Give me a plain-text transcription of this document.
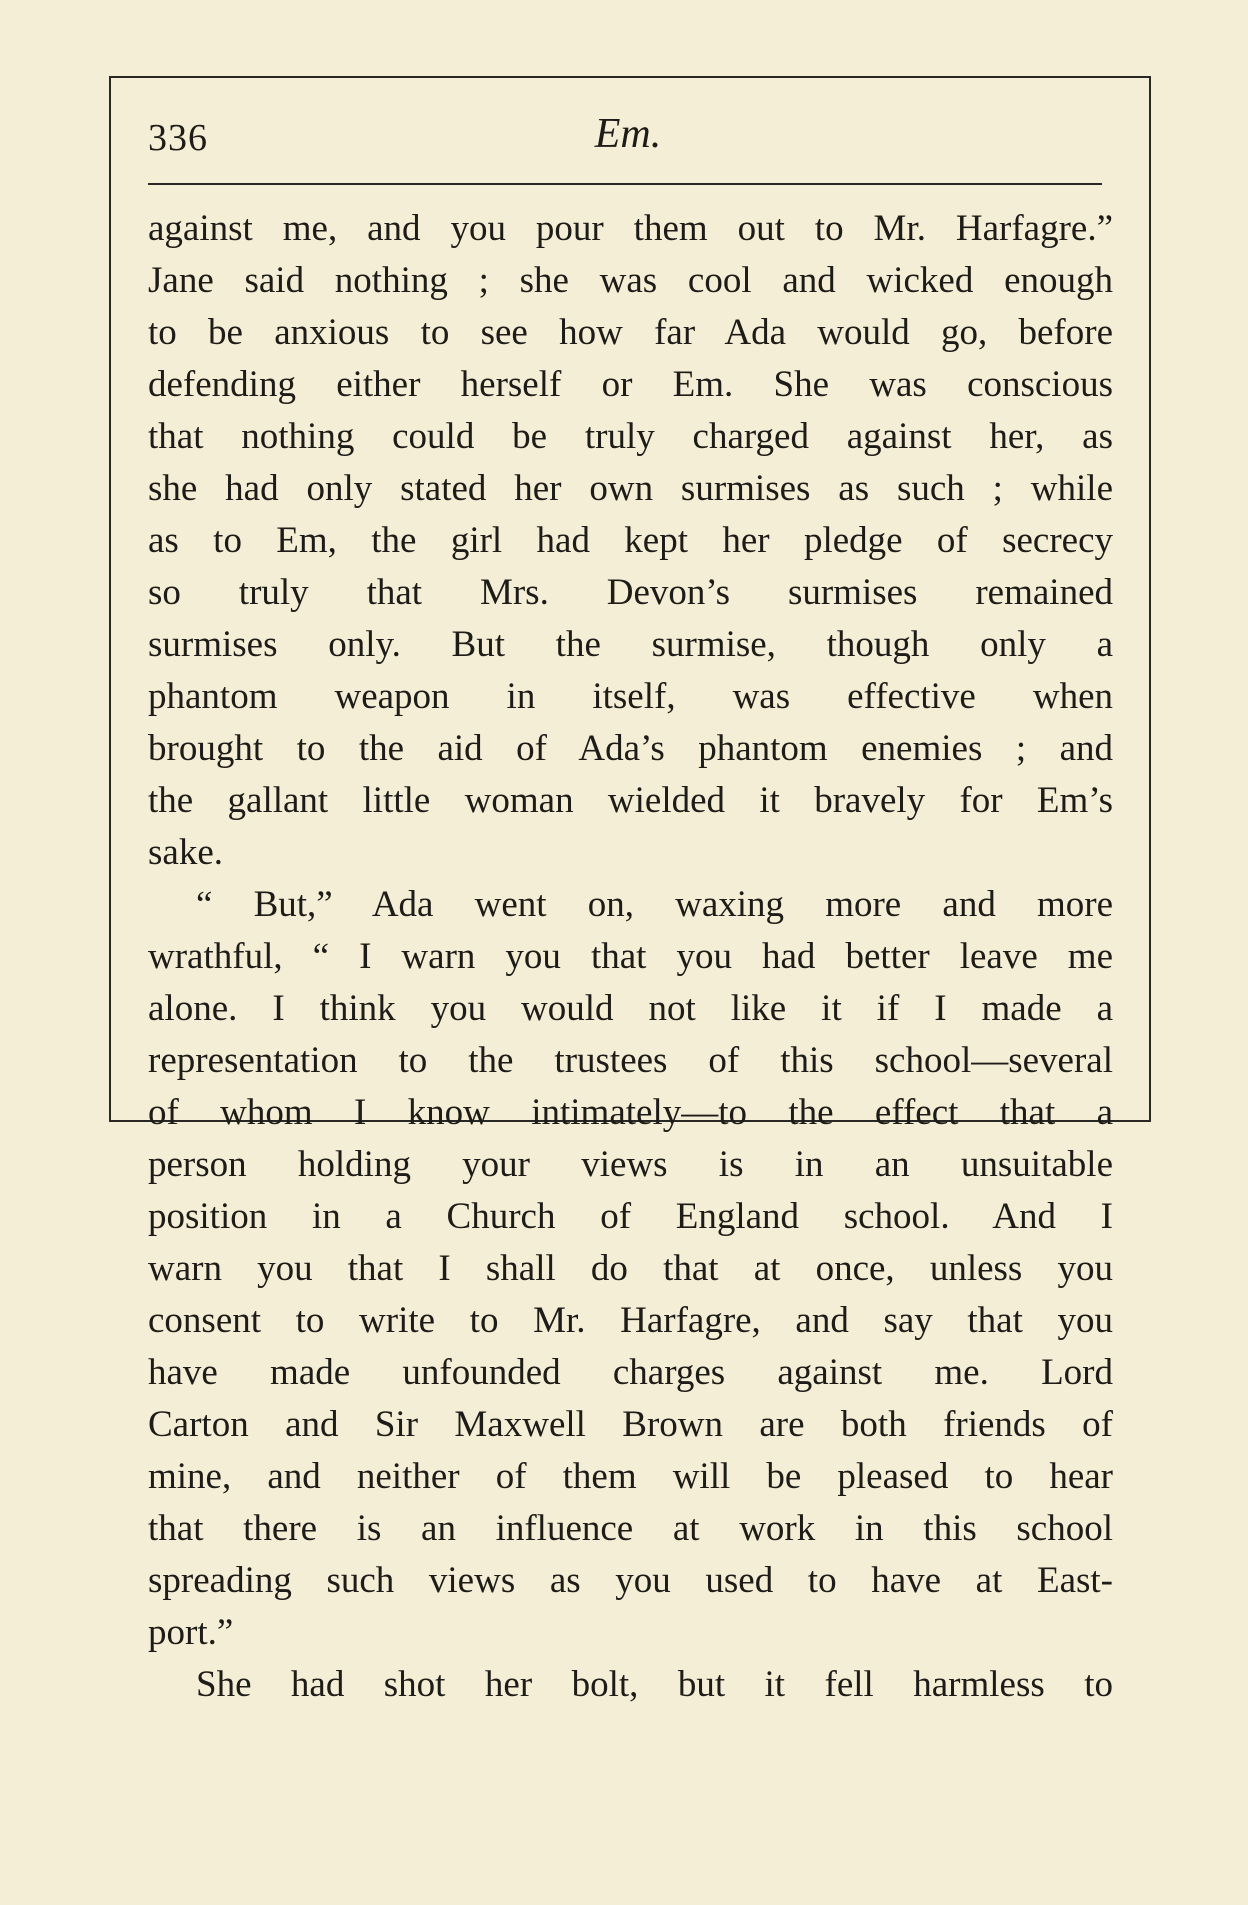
336	Em.
against me, and you pour them out to Mr. Harfagre.”
Jane said nothing ; she was cool and wicked enough
to be anxious to see how far Ada would go, before
defending either herself or Em. She was conscious
that nothing could be truly charged against her, as
she had only stated her own surmises as such ; while
as to Em, the girl had kept her pledge of secrecy
so truly that Mrs. Devon’s surmises remained
surmises only. But the surmise, though only a
phantom weapon in itself, was effective when
brought to the aid of Ada’s phantom enemies ; and
the gallant little woman wielded it bravely for Em’s
sake.
“ But,” Ada went on, waxing more and more
wrathful, “ I warn you that you had better leave me
alone. I think you would not like it if I made a
representation to the trustees of this school—several
of whom I know intimately—to the effect that a
person holding your views is in an unsuitable
position in a Church of England school. And I
warn you that I shall do that at once, unless you
consent to write to Mr. Harfagre, and say that you
have made unfounded charges against me. Lord
Carton and Sir Maxwell Brown are both friends of
mine, and neither of them will be pleased to hear
that there is an influence at work in this school
spreading such views as you used to have at East-
port.”
She had shot her bolt, but it fell harmless to
